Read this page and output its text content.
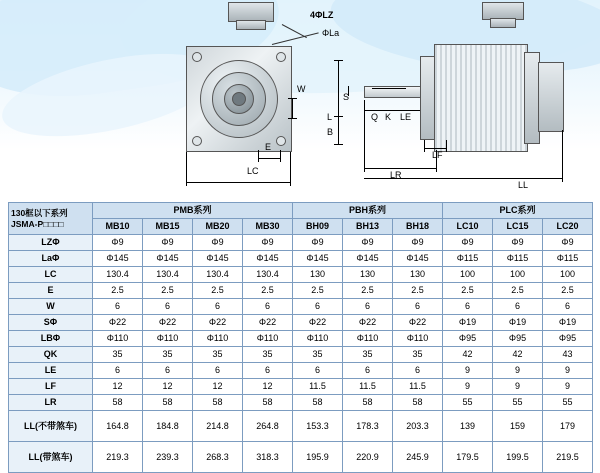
4ΦLZ
ΦLa
W
E
LC
S
L
B
Q K LE
LF
LR
LL
130框以下系列
JSMA-P□□□□	PMB系列				PBH系列			PLC系列		
	MB10	MB15	MB20	MB30	BH09	BH13	BH18	LC10	LC15	LC20
LZΦ	Φ9	Φ9	Φ9	Φ9	Φ9	Φ9	Φ9	Φ9	Φ9	Φ9
LaΦ	Φ145	Φ145	Φ145	Φ145	Φ145	Φ145	Φ145	Φ115	Φ115	Φ115
LC	130.4	130.4	130.4	130.4	130	130	130	100	100	100
E	2.5	2.5	2.5	2.5	2.5	2.5	2.5	2.5	2.5	2.5
W	6	6	6	6	6	6	6	6	6	6
SΦ	Φ22	Φ22	Φ22	Φ22	Φ22	Φ22	Φ22	Φ19	Φ19	Φ19
LBΦ	Φ110	Φ110	Φ110	Φ110	Φ110	Φ110	Φ110	Φ95	Φ95	Φ95
QK	35	35	35	35	35	35	35	42	42	43
LE	6	6	6	6	6	6	6	9	9	9
LF	12	12	12	12	11.5	11.5	11.5	9	9	9
LR	58	58	58	58	58	58	58	55	55	55
LL(不带煞车)	164.8	184.8	214.8	264.8	153.3	178.3	203.3	139	159	179
LL(带煞车)	219.3	239.3	268.3	318.3	195.9	220.9	245.9	179.5	199.5	219.5
